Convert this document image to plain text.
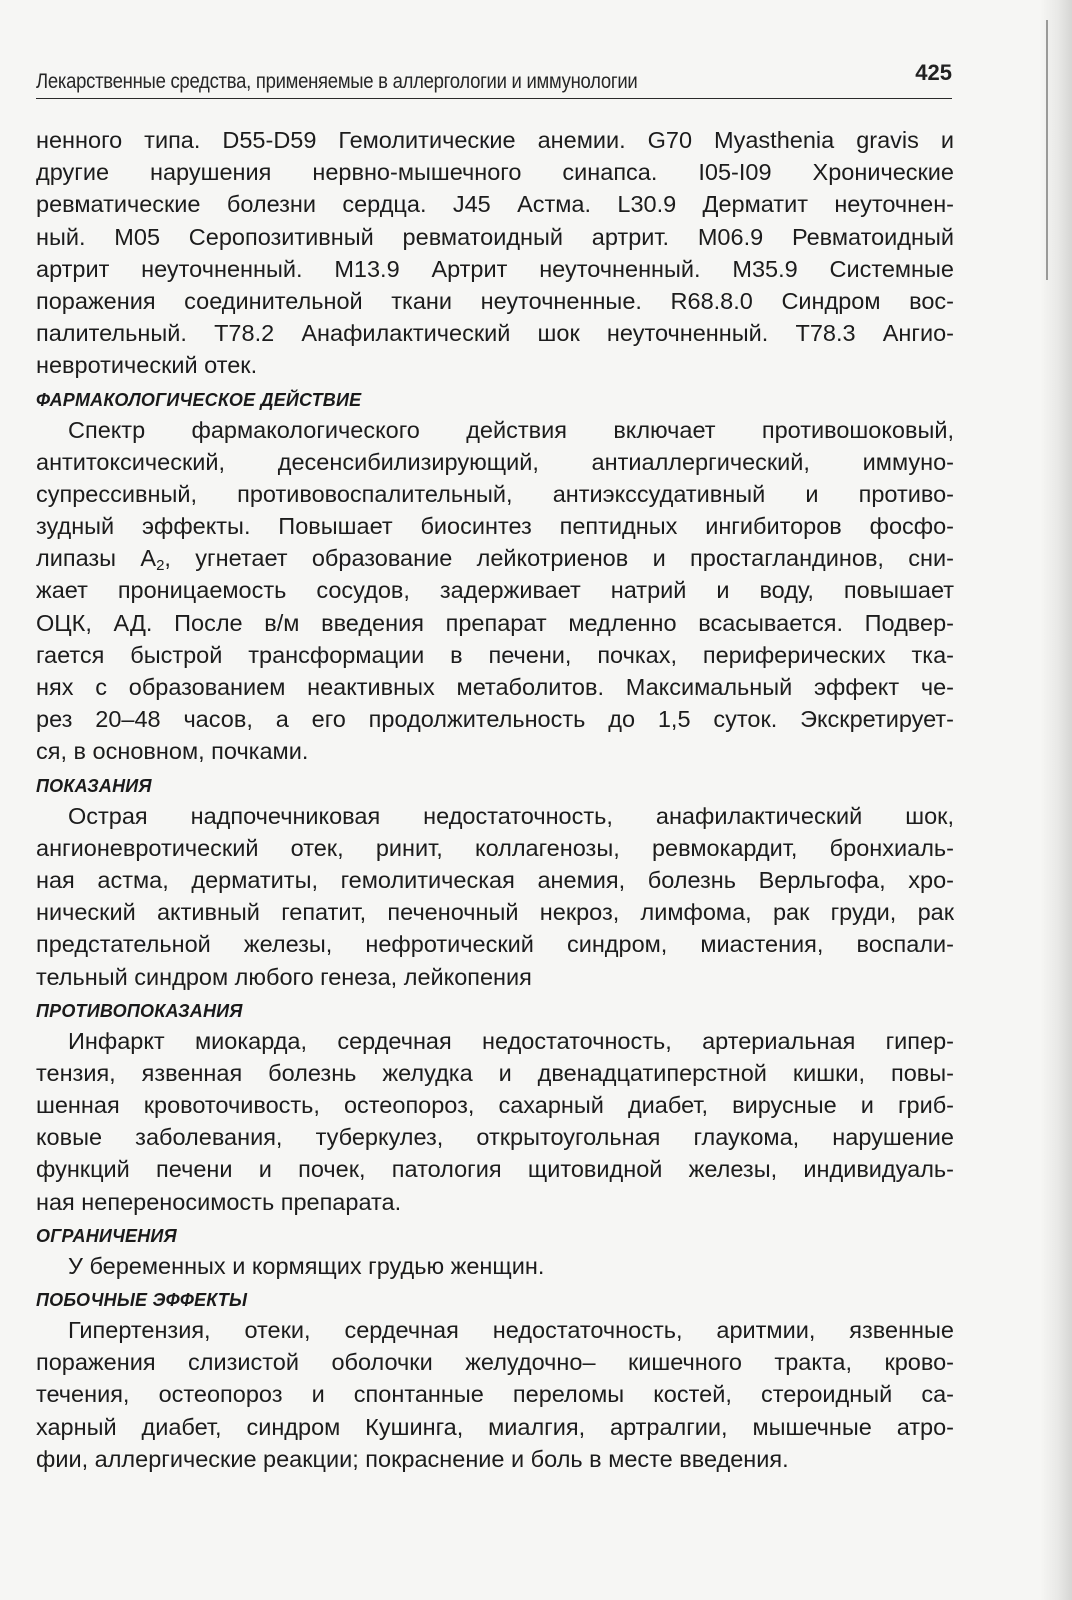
Лекарственные средства, применяемые в аллергологии и иммунологии	425
ненного типа. D55-D59 Гемолитические анемии. G70 Myasthenia gravis и
другие нарушения нервно-мышечного синапса. I05-I09 Хронические
ревматические болезни сердца. J45 Астма. L30.9 Дерматит неуточнен-
ный. M05 Серопозитивный ревматоидный артрит. M06.9 Ревматоидный
артрит неуточненный. M13.9 Артрит неуточненный. M35.9 Системные
поражения соединительной ткани неуточненные. R68.8.0 Синдром вос-
палительный. T78.2 Анафилактический шок неуточненный. T78.3 Ангио-
невротический отек.
ФАРМАКОЛОГИЧЕСКОЕ ДЕЙСТВИЕ
Спектр фармакологического действия включает противошоковый,
антитоксический, десенсибилизирующий, антиаллергический, иммуно-
супрессивный, противовоспалительный, антиэкссудативный и противо-
зудный эффекты. Повышает биосинтез пептидных ингибиторов фосфо-
липазы $A_2$, угнетает образование лейкотриенов и простагландинов, сни-
жает проницаемость сосудов, задерживает натрий и воду, повышает
ОЦК, АД. После в/м введения препарат медленно всасывается. Подвер-
гается быстрой трансформации в печени, почках, периферических тка-
нях с образованием неактивных метаболитов. Максимальный эффект че-
рез 20–48 часов, а его продолжительность до 1,5 суток. Экскретирует-
ся, в основном, почками.
ПОКАЗАНИЯ
Острая надпочечниковая недостаточность, анафилактический шок,
ангионевротический отек, ринит, коллагенозы, ревмокардит, бронхиаль-
ная астма, дерматиты, гемолитическая анемия, болезнь Верльгофа, хро-
нический активный гепатит, печеночный некроз, лимфома, рак груди, рак
предстательной железы, нефротический синдром, миастения, воспали-
тельный синдром любого генеза, лейкопения
ПРОТИВОПОКАЗАНИЯ
Инфаркт миокарда, сердечная недостаточность, артериальная гипер-
тензия, язвенная болезнь желудка и двенадцатиперстной кишки, повы-
шенная кровоточивость, остеопороз, сахарный диабет, вирусные и гриб-
ковые заболевания, туберкулез, открытоугольная глаукома, нарушение
функций печени и почек, патология щитовидной железы, индивидуаль-
ная непереносимость препарата.
ОГРАНИЧЕНИЯ
У беременных и кормящих грудью женщин.
ПОБОЧНЫЕ ЭФФЕКТЫ
Гипертензия, отеки, сердечная недостаточность, аритмии, язвенные
поражения слизистой оболочки желудочно– кишечного тракта, крово-
течения, остеопороз и спонтанные переломы костей, стероидный са-
харный диабет, синдром Кушинга, миалгия, артралгии, мышечные атро-
фии, аллергические реакции; покраснение и боль в месте введения.
